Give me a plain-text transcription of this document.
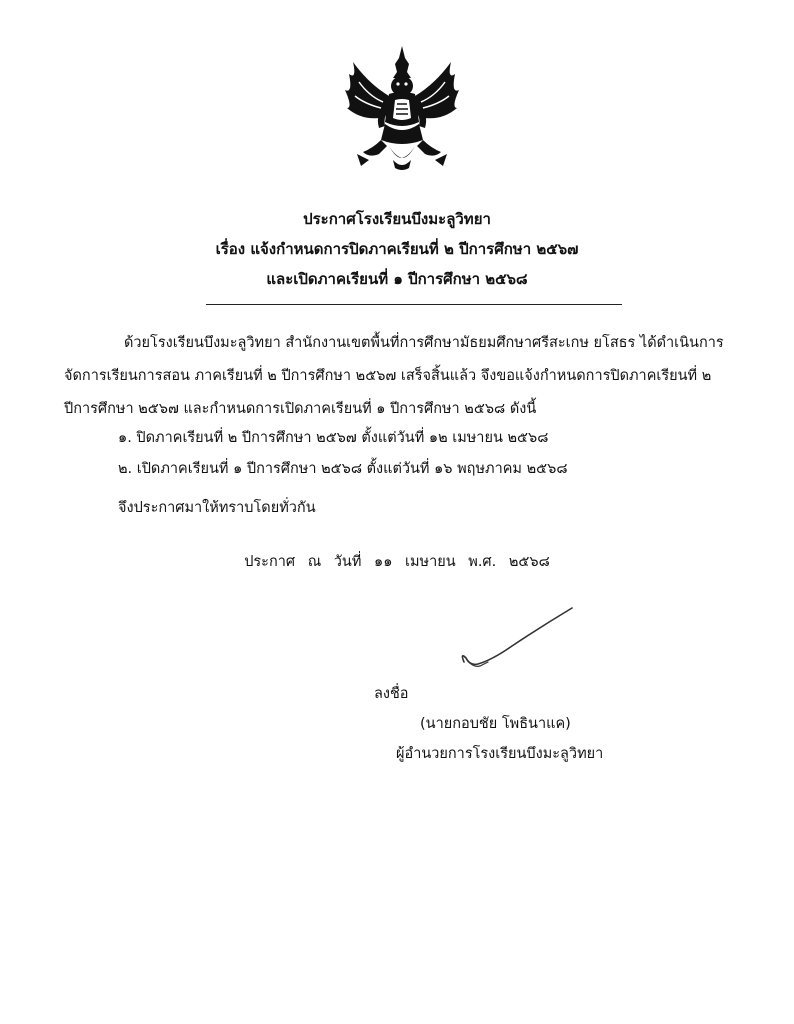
ประกาศโรงเรียนบึงมะลูวิทยา
เรื่อง แจ้งกำหนดการปิดภาคเรียนที่ ๒ ปีการศึกษา ๒๕๖๗
และเปิดภาคเรียนที่ ๑ ปีการศึกษา ๒๕๖๘
ด้วยโรงเรียนบึงมะลูวิทยา สำนักงานเขตพื้นที่การศึกษามัธยมศึกษาศรีสะเกษ ยโสธร ได้ดำเนินการ
จัดการเรียนการสอน ภาคเรียนที่ ๒ ปีการศึกษา ๒๕๖๗ เสร็จสิ้นแล้ว จึงขอแจ้งกำหนดการปิดภาคเรียนที่ ๒
ปีการศึกษา ๒๕๖๗ และกำหนดการเปิดภาคเรียนที่ ๑ ปีการศึกษา ๒๕๖๘ ดังนี้
๑. ปิดภาคเรียนที่ ๒ ปีการศึกษา ๒๕๖๗ ตั้งแต่วันที่ ๑๒ เมษายน ๒๕๖๘
๒. เปิดภาคเรียนที่ ๑ ปีการศึกษา ๒๕๖๘ ตั้งแต่วันที่ ๑๖ พฤษภาคม ๒๕๖๘
จึงประกาศมาให้ทราบโดยทั่วกัน
ประกาศ ณ วันที่ ๑๑ เมษายน พ.ศ. ๒๕๖๘
ลงชื่อ
(นายกอบชัย โพธินาแค)
ผู้อำนวยการโรงเรียนบึงมะลูวิทยา
